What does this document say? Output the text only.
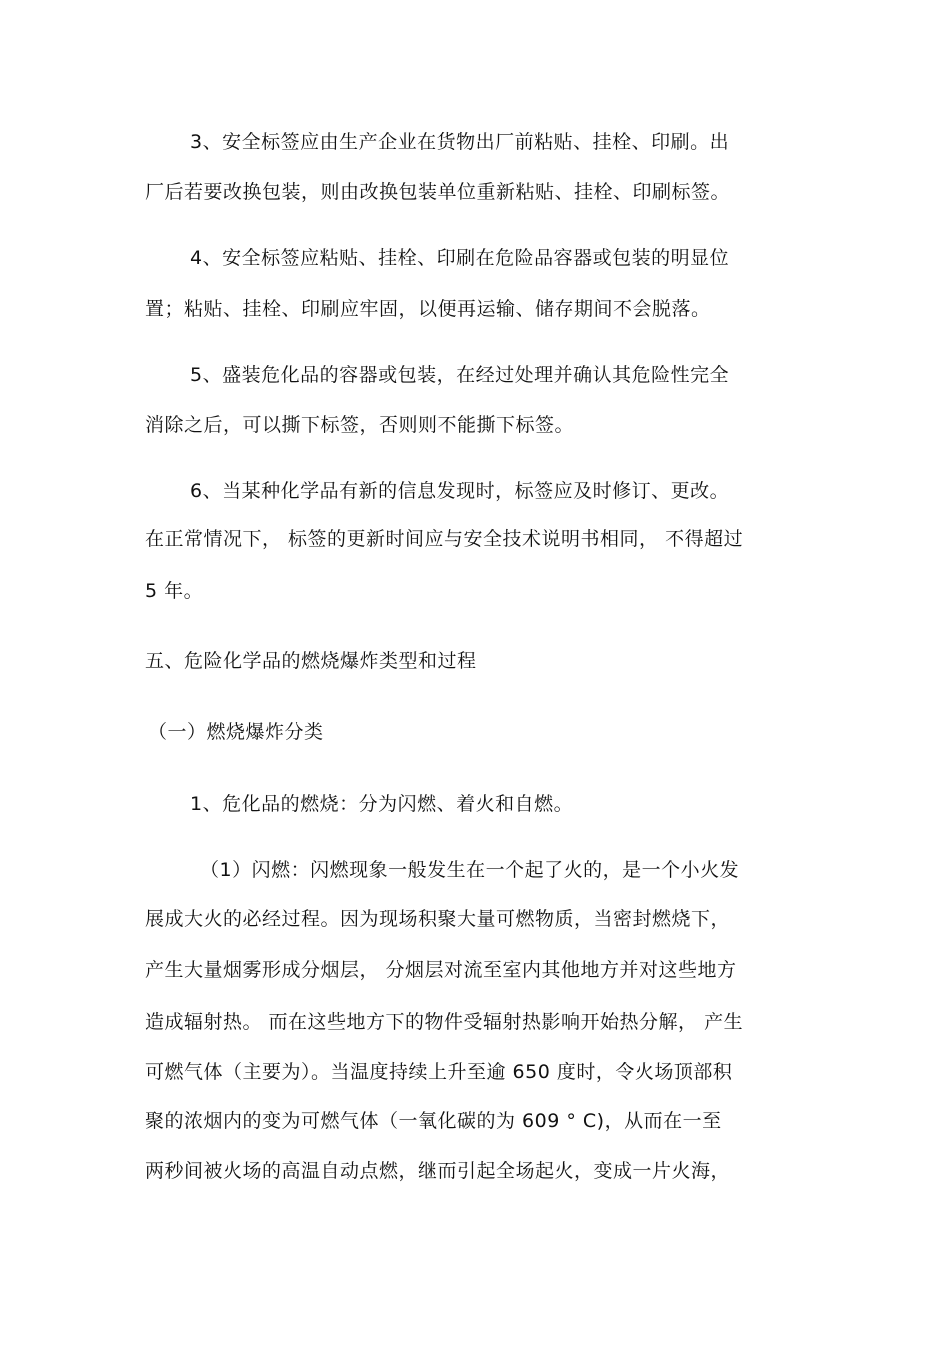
3、安全标签应由生产企业在货物出厂前粘贴、挂栓、印刷。出
厂后若要改换包装，则由改换包装单位重新粘贴、挂栓、印刷标签。
4、安全标签应粘贴、挂栓、印刷在危险品容器或包装的明显位
置；粘贴、挂栓、印刷应牢固，以便再运输、储存期间不会脱落。
5、盛装危化品的容器或包装，在经过处理并确认其危险性完全
消除之后，可以撕下标签，否则则不能撕下标签。
6、当某种化学品有新的信息发现时，标签应及时修订、更改。
在正常情况下， 标签的更新时间应与安全技术说明书相同， 不得超过
5 年。
五、危险化学品的燃烧爆炸类型和过程
（一）燃烧爆炸分类
1、危化品的燃烧：分为闪燃、着火和自燃。
（1）闪燃：闪燃现象一般发生在一个起了火的，是一个小火发
展成大火的必经过程。因为现场积聚大量可燃物质，当密封燃烧下，
产生大量烟雾形成分烟层， 分烟层对流至室内其他地方并对这些地方
造成辐射热。 而在这些地方下的物件受辐射热影响开始热分解， 产生
可燃气体（主要为）。当温度持续上升至逾 650 度时，令火场顶部积
聚的浓烟内的变为可燃气体（一氧化碳的为 609 ° C)，从而在一至
两秒间被火场的高温自动点燃，继而引起全场起火，变成一片火海，
